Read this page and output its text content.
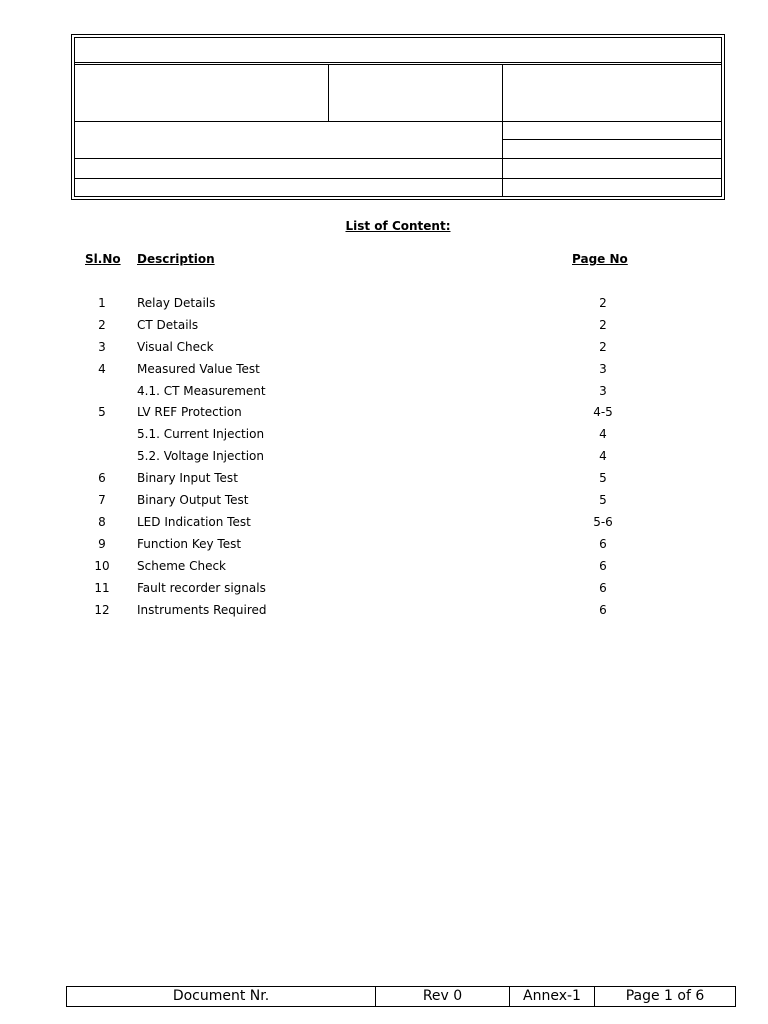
List of Content:
Sl.No Description	Page No
1	Relay Details	2
2	CT Details	2
3	Visual Check	2
4	Measured Value Test	3
4.1. CT Measurement	3
5	LV REF Protection	4-5
5.1. Current Injection	4
5.2. Voltage Injection	4
6	Binary Input Test	5
7	Binary Output Test	5
8	LED Indication Test	5-6
9	Function Key Test	6
10	Scheme Check	6
11	Fault recorder signals	6
12	Instruments Required	6
Document Nr.	Rev 0	Annex-1	Page 1 of 6
